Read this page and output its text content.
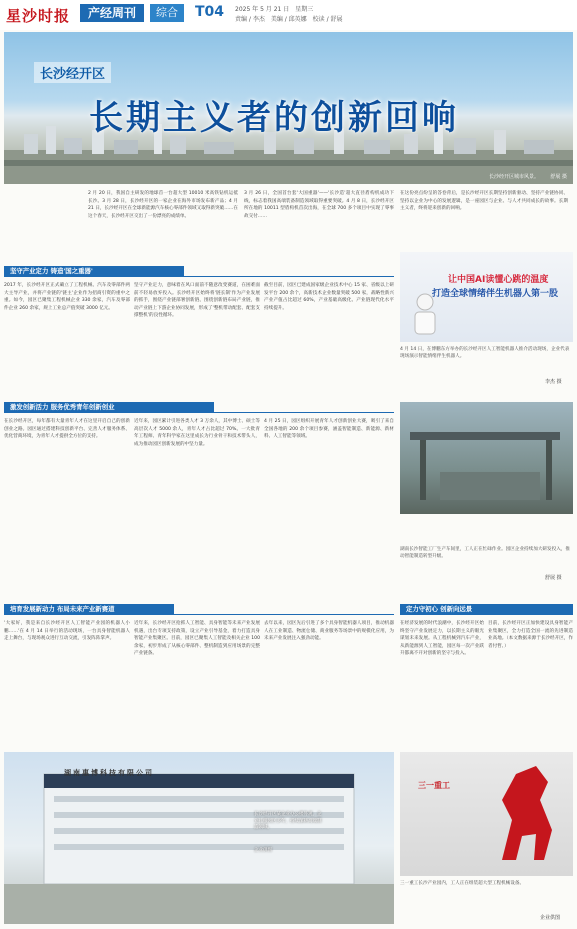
星沙时报	产经周刊	综合	T04 2025 年 5 月 21 日　星期三
责编 / 李杰　美编 / 邱英娜　校读 / 舒展
长沙经开区
长期主义者的创新回响
长沙经开区城市风景。 舒展 摄
2 月 20 日，我国自主研发的地球首一台超大型 10010 米高铁钻机运抵长沙。3 月 28 日，长沙经开区的一家企业在海外市场发布新产品；4 月 21 日，长沙经开区在全球新能源汽车核心零部件领域又取得新突破……在这个春天，长沙经开区交出了一份漂亮的成绩单。
3 月 26 日，全国首台套'大国重器'——'长沙造'超大直径盾构机成功下线，标志着我国高端装备制造领域取得重要突破。4 月 8 日，长沙经开区所在地的 10011 型盾构机首次出海，在全球 700 多个项目中实现了零事故交付……
在这份亮点纷呈的答卷背后，是长沙经开区长期坚持创新驱动、坚持产业链协同、坚持以企业为中心的发展逻辑，是一座园区与企业、与人才共同成长的故事。长期主义者，终将迎来创新的回响。
坚守产业定力 铸造'国之重器'
2017 年，长沙经开区正式确立了工程机械、汽车及零部件两大主导产业，并将产业链的'链主'企业作为招商引资的重中之重。如今，园区已聚集工程机械企业 330 余家，汽车及零部件企业 260 余家，规上工业总产值突破 3000 亿元。
坚守产业定力，意味着在风口面前不随意改变赛道，在困难面前不轻易放弃投入。长沙经开区始终将'链长制'作为产业发展的抓手，围绕产业链部署创新链、围绕创新链布局产业链，推动产业链上下游企业协同发展，形成了'整机带动配套、配套支撑整机'的良性循环。
截至目前，园区已建成国家级企业技术中心 15 家、省级以上研发平台 200 余个，高新技术企业数量突破 500 家，战略性新兴产业产值占比超过 60%，产业基础高级化、产业链现代化水平持续提升。
让中国AI读懂心跳的温度
打造全球情绪伴生机器人第一股
4 月 14 日，在博鹏东方举办的长沙经开区人工智能机器人推介活动现场，企业代表现场演示智能情绪伴生机器人。
李杰 摄
激发创新活力 服务优秀青年创新创业
在长沙经开区，每年都有大量青年人才在这里开启自己的创新创业之路。园区通过搭建科技创新平台、完善人才服务体系、优化营商环境，为青年人才提供全方位的支持。
近年来，园区累计引进各类人才 3 万余人，其中博士、硕士等高层次人才 5000 余人，青年人才占比超过 70%。一大批青年工程师、青年科学家在这里成长为行业骨干和技术带头人，成为推动园区创新发展的中坚力量。
4 月 25 日，园区组织开展青年人才创新创业大赛，吸引了来自全国各地的 200 余个项目参赛，涵盖智能制造、新能源、新材料、人工智能等领域。
湖南长沙智能工厂生产车间里，工人正在忙碌作业。园区企业持续加大研发投入，推动智能制造转型升级。
舒展 摄
培育发展新动力 布局未来产业新赛道
'大家好，我是来自长沙经开区人工智能产业园的机器人小鹏……'在 4 月 14 日举行的活动现场，一台具身智能机器人走上舞台，与现场观众进行互动交流，引发阵阵掌声。
近年来，长沙经开区抢抓人工智能、具身智能等未来产业发展机遇，出台专项支持政策，设立产业引导基金，着力打造具身智能产业集聚区。目前，园区已聚集人工智能及相关企业 100 余家，初步形成了从核心零部件、整机制造到应用场景的完整产业链条。
去年以来，园区先后引进了多个具身智能机器人项目，推动机器人在工业制造、物流仓储、商业服务等场景中的规模化应用，为未来产业发展注入强劲动能。
定力守初心 创新向远景
在经济发展的时代浪潮中，长沙经开区始终坚守产业发展定力，以长期主义的眼光谋划未来发展。从工程机械到汽车产业，从新能源到人工智能，园区每一次产业跃升都离不开对创新的坚守与投入。
目前，长沙经开区正加快建设具身智能产业集聚区，全力打造全国一流的先进制造业高地。（本文数据来源于长沙经开区，作者付哲、）
湖南惠博科技有限公司
长沙经开区某企业办公楼外观，企业扎根园区多年，持续深耕高端制造领域。
企业供图
三一重工
三一重工长沙产业园内，工人正在组装超大型工程机械设备。
企业供图
